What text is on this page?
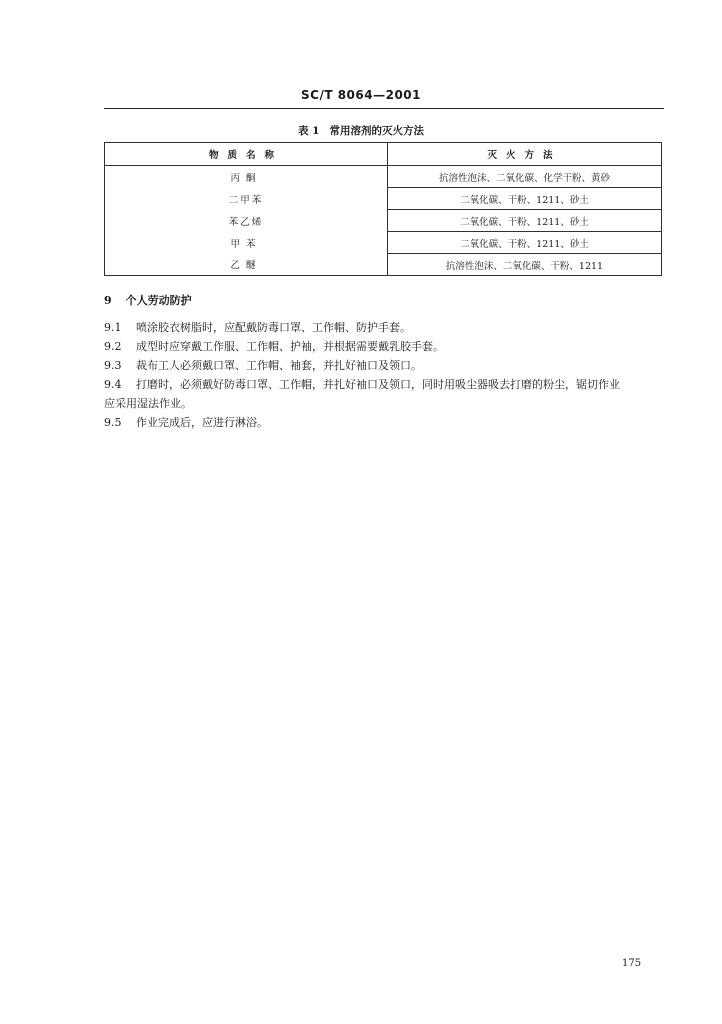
SC/T 8064—2001
表 1 常用溶剂的灭火方法
物质名称	灭火方法
丙酮	抗溶性泡沫、二氧化碳、化学干粉、黄砂
二甲苯	二氧化碳、干粉、1211、砂土
苯乙烯	二氧化碳、干粉、1211、砂土
甲苯	二氧化碳、干粉、1211、砂土
乙醚	抗溶性泡沫、二氧化碳、干粉、1211
9 个人劳动防护
9.1 喷涂胶衣树脂时，应配戴防毒口罩、工作帽、防护手套。
9.2 成型时应穿戴工作服、工作帽、护袖，并根据需要戴乳胶手套。
9.3 裁布工人必须戴口罩、工作帽、袖套，并扎好袖口及领口。
9.4 打磨时，必须戴好防毒口罩、工作帽，并扎好袖口及领口，同时用吸尘器吸去打磨的粉尘，锯切作业
应采用湿法作业。
9.5 作业完成后，应进行淋浴。
175
